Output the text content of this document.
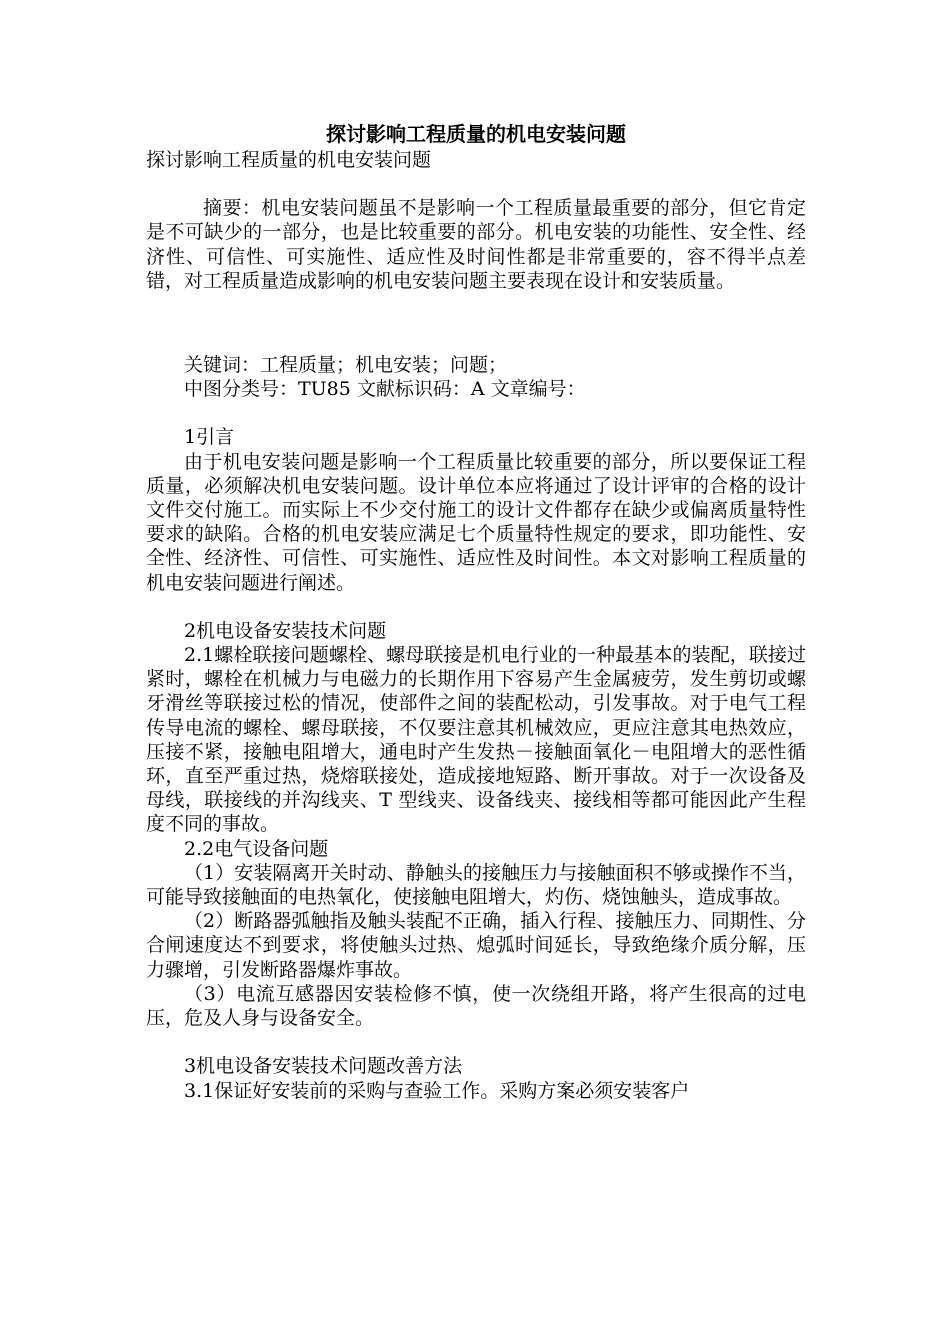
探讨影响工程质量的机电安装问题

探讨影响工程质量的机电安装问题

摘要：机电安装问题虽不是影响一个工程质量最重要的部分，但它肯定是不可缺少的一部分，也是比较重要的部分。机电安装的功能性、安全性、经济性、可信性、可实施性、适应性及时间性都是非常重要的，容不得半点差错，对工程质量造成影响的机电安装问题主要表现在设计和安装质量。

关键词：工程质量；机电安装；问题；

中图分类号：TU85 文献标识码：A 文章编号：

1引言

由于机电安装问题是影响一个工程质量比较重要的部分，所以要保证工程质量，必须解决机电安装问题。设计单位本应将通过了设计评审的合格的设计文件交付施工。而实际上不少交付施工的设计文件都存在缺少或偏离质量特性要求的缺陷。合格的机电安装应满足七个质量特性规定的要求，即功能性、安全性、经济性、可信性、可实施性、适应性及时间性。本文对影响工程质量的机电安装问题进行阐述。

2机电设备安装技术问题

2.1螺栓联接问题螺栓、螺母联接是机电行业的一种最基本的装配，联接过紧时，螺栓在机械力与电磁力的长期作用下容易产生金属疲劳，发生剪切或螺牙滑丝等联接过松的情况，使部件之间的装配松动，引发事故。对于电气工程传导电流的螺栓、螺母联接，不仅要注意其机械效应，更应注意其电热效应，压接不紧，接触电阻增大，通电时产生发热－接触面氧化－电阻增大的恶性循环，直至严重过热，烧熔联接处，造成接地短路、断开事故。对于一次设备及母线，联接线的并沟线夹、T 型线夹、设备线夹、接线相等都可能因此产生程度不同的事故。

2.2电气设备问题

（1）安装隔离开关时动、静触头的接触压力与接触面积不够或操作不当，可能导致接触面的电热氧化，使接触电阻增大，灼伤、烧蚀触头，造成事故。

（2）断路器弧触指及触头装配不正确，插入行程、接触压力、同期性、分合闸速度达不到要求，将使触头过热、熄弧时间延长，导致绝缘介质分解，压力骤增，引发断路器爆炸事故。

（3）电流互感器因安装检修不慎，使一次绕组开路，将产生很高的过电压，危及人身与设备安全。

3机电设备安装技术问题改善方法

3.1保证好安装前的采购与查验工作。采购方案必须安装客户
